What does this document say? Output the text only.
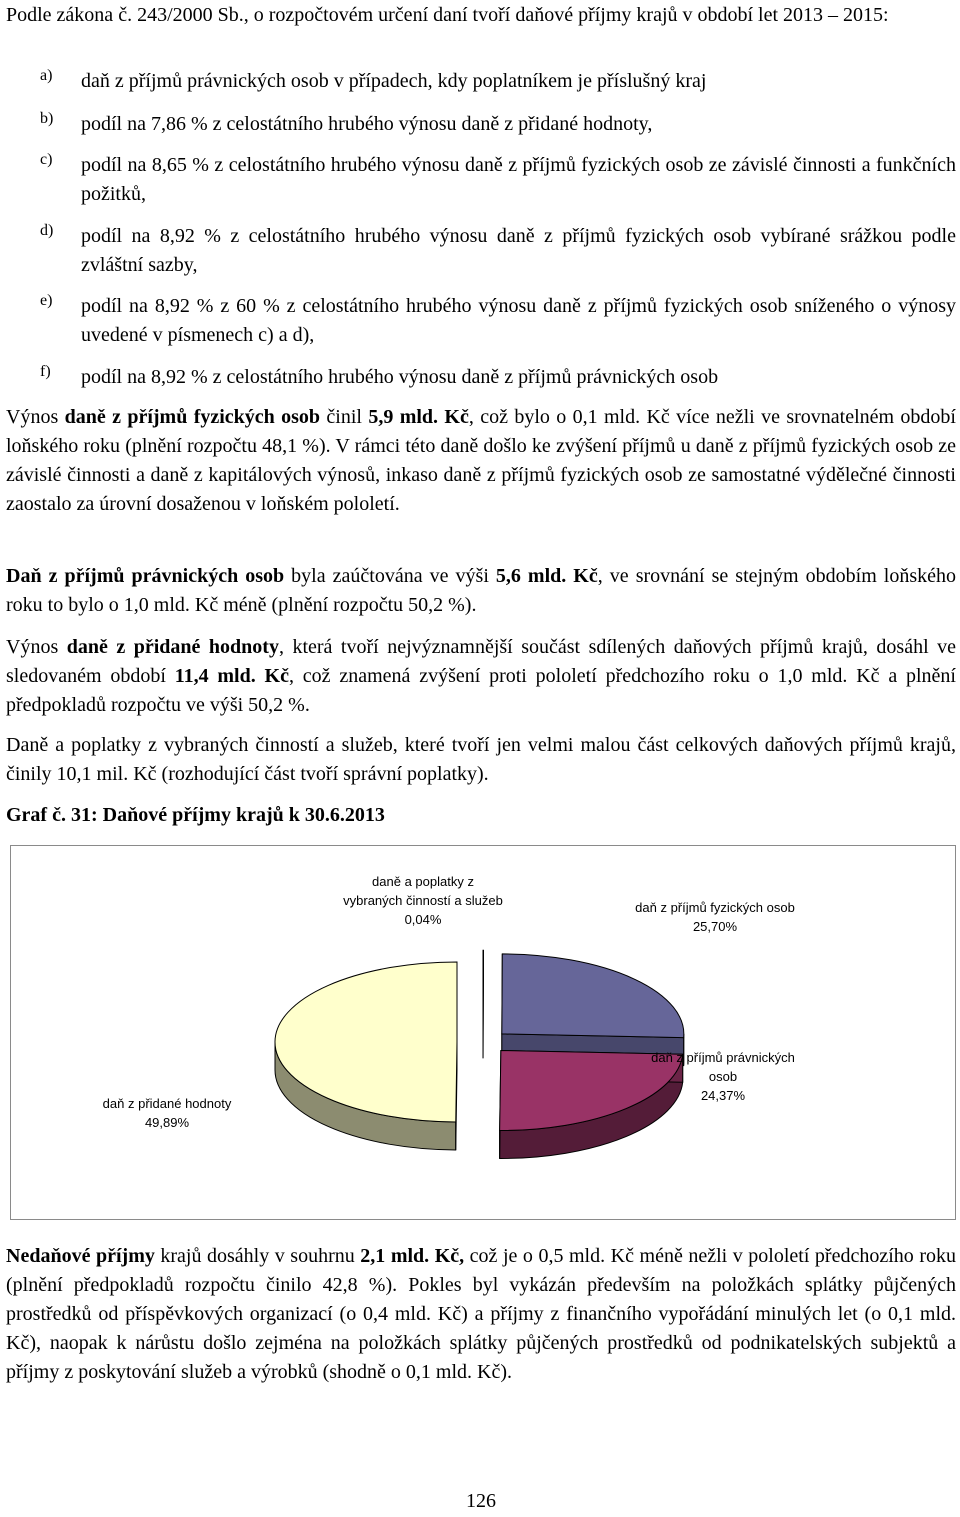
Podle zákona č. 243/2000 Sb., o rozpočtovém určení daní tvoří daňové příjmy krajů v období let 2013 – 2015:

a) daň z příjmů právnických osob v případech, kdy poplatníkem je příslušný kraj

b) podíl na 7,86 % z celostátního hrubého výnosu daně z přidané hodnoty,

c) podíl na 8,65 % z celostátního hrubého výnosu daně z příjmů fyzických osob ze závislé činnosti a funkčních požitků,

d) podíl na 8,92 % z celostátního hrubého výnosu daně z příjmů fyzických osob vybírané srážkou podle zvláštní sazby,

e) podíl na 8,92 % z 60 % z celostátního hrubého výnosu daně z příjmů fyzických osob sníženého o výnosy uvedené v písmenech c) a d),

f) podíl na 8,92 % z celostátního hrubého výnosu daně z příjmů právnických osob

Výnos daně z příjmů fyzických osob činil 5,9 mld. Kč, což bylo o 0,1 mld. Kč více nežli ve srovnatelném období loňského roku (plnění rozpočtu 48,1 %). V rámci této daně došlo ke zvýšení příjmů u daně z příjmů fyzických osob ze závislé činnosti a daně z kapitálových výnosů, inkaso daně z příjmů fyzických osob ze samostatné výdělečné činnosti zaostalo za úrovní dosaženou v loňském pololetí.

Daň z příjmů právnických osob byla zaúčtována ve výši 5,6 mld. Kč, ve srovnání se stejným obdobím loňského roku to bylo o 1,0 mld. Kč méně (plnění rozpočtu 50,2 %).

Výnos daně z přidané hodnoty, která tvoří nejvýznamnější součást sdílených daňových příjmů krajů, dosáhl ve sledovaném období 11,4 mld. Kč, což znamená zvýšení proti pololetí předchozího roku o 1,0 mld. Kč a plnění předpokladů rozpočtu ve výši 50,2 %.

Daně a poplatky z vybraných činností a služeb, které tvoří jen velmi malou část celkových daňových příjmů krajů, činily 10,1 mil. Kč (rozhodující část tvoří správní poplatky).

Graf č. 31: Daňové příjmy krajů k 30.6.2013
daně a poplatky z
vybraných činností a služeb
0,04%
daň z příjmů fyzických osob
25,70%
daň z příjmů právnických
osob
24,37%
daň z přidané hodnoty
49,89%

Nedaňové příjmy krajů dosáhly v souhrnu 2,1 mld. Kč, což je o 0,5 mld. Kč méně nežli v pololetí předchozího roku (plnění předpokladů rozpočtu činilo 42,8 %). Pokles byl vykázán především na položkách splátky půjčených prostředků od příspěvkových organizací (o 0,4 mld. Kč) a příjmy z finančního vypořádání minulých let (o 0,1 mld. Kč), naopak k nárůstu došlo zejména na položkách splátky půjčených prostředků od podnikatelských subjektů a příjmy z poskytování služeb a výrobků (shodně o 0,1 mld. Kč).

126
